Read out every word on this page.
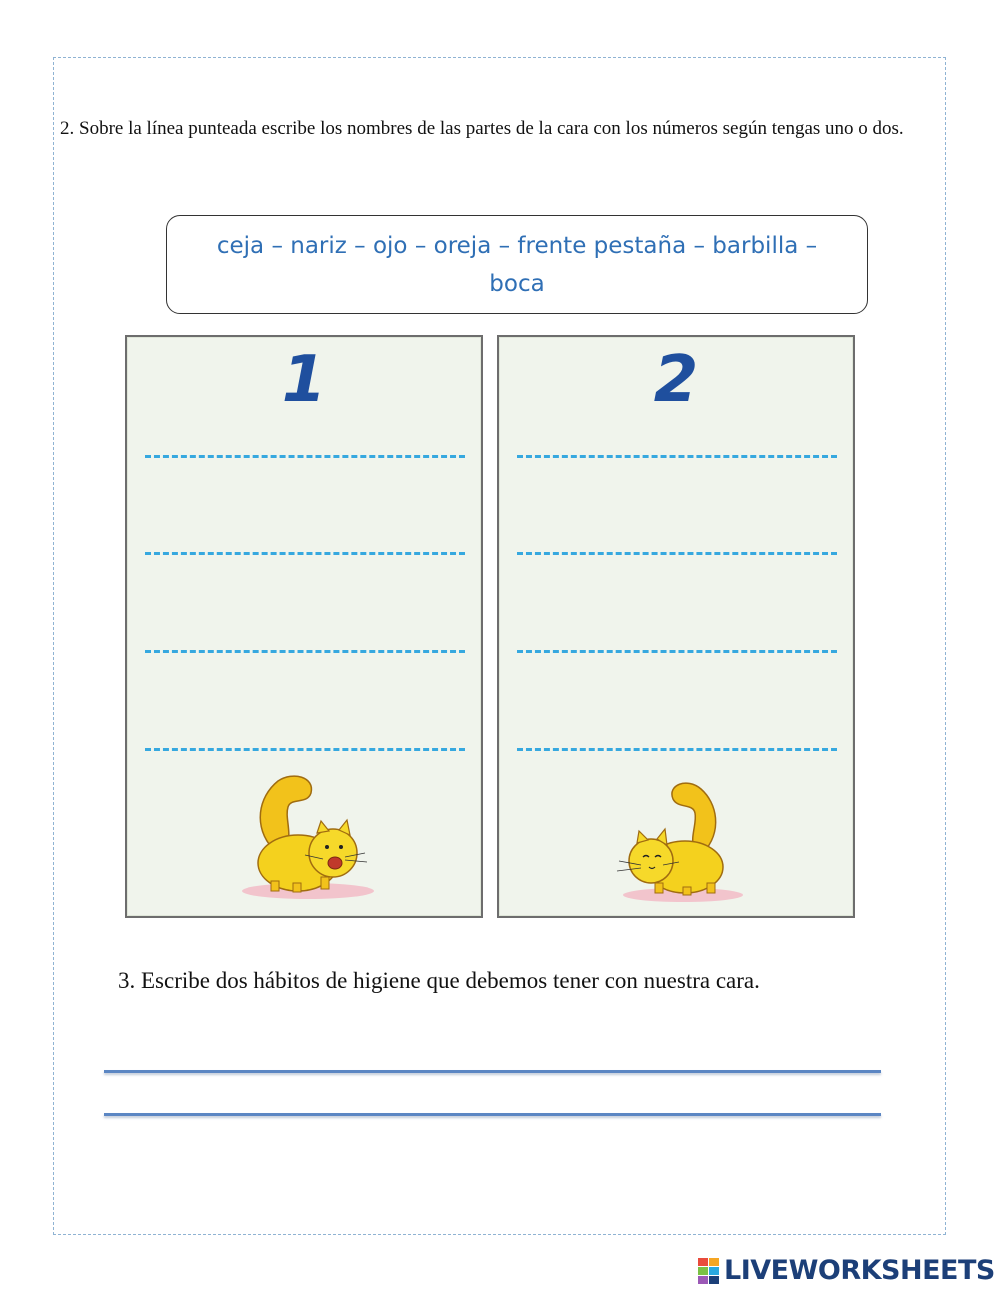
2. Sobre la línea punteada escribe los nombres de las partes de la cara con los números según tengas uno o dos.
ceja – nariz – ojo – oreja – frente pestaña – barbilla – boca
1	2
3. Escribe dos hábitos de higiene que debemos tener con nuestra cara.
LIVEWORKSHEETS
